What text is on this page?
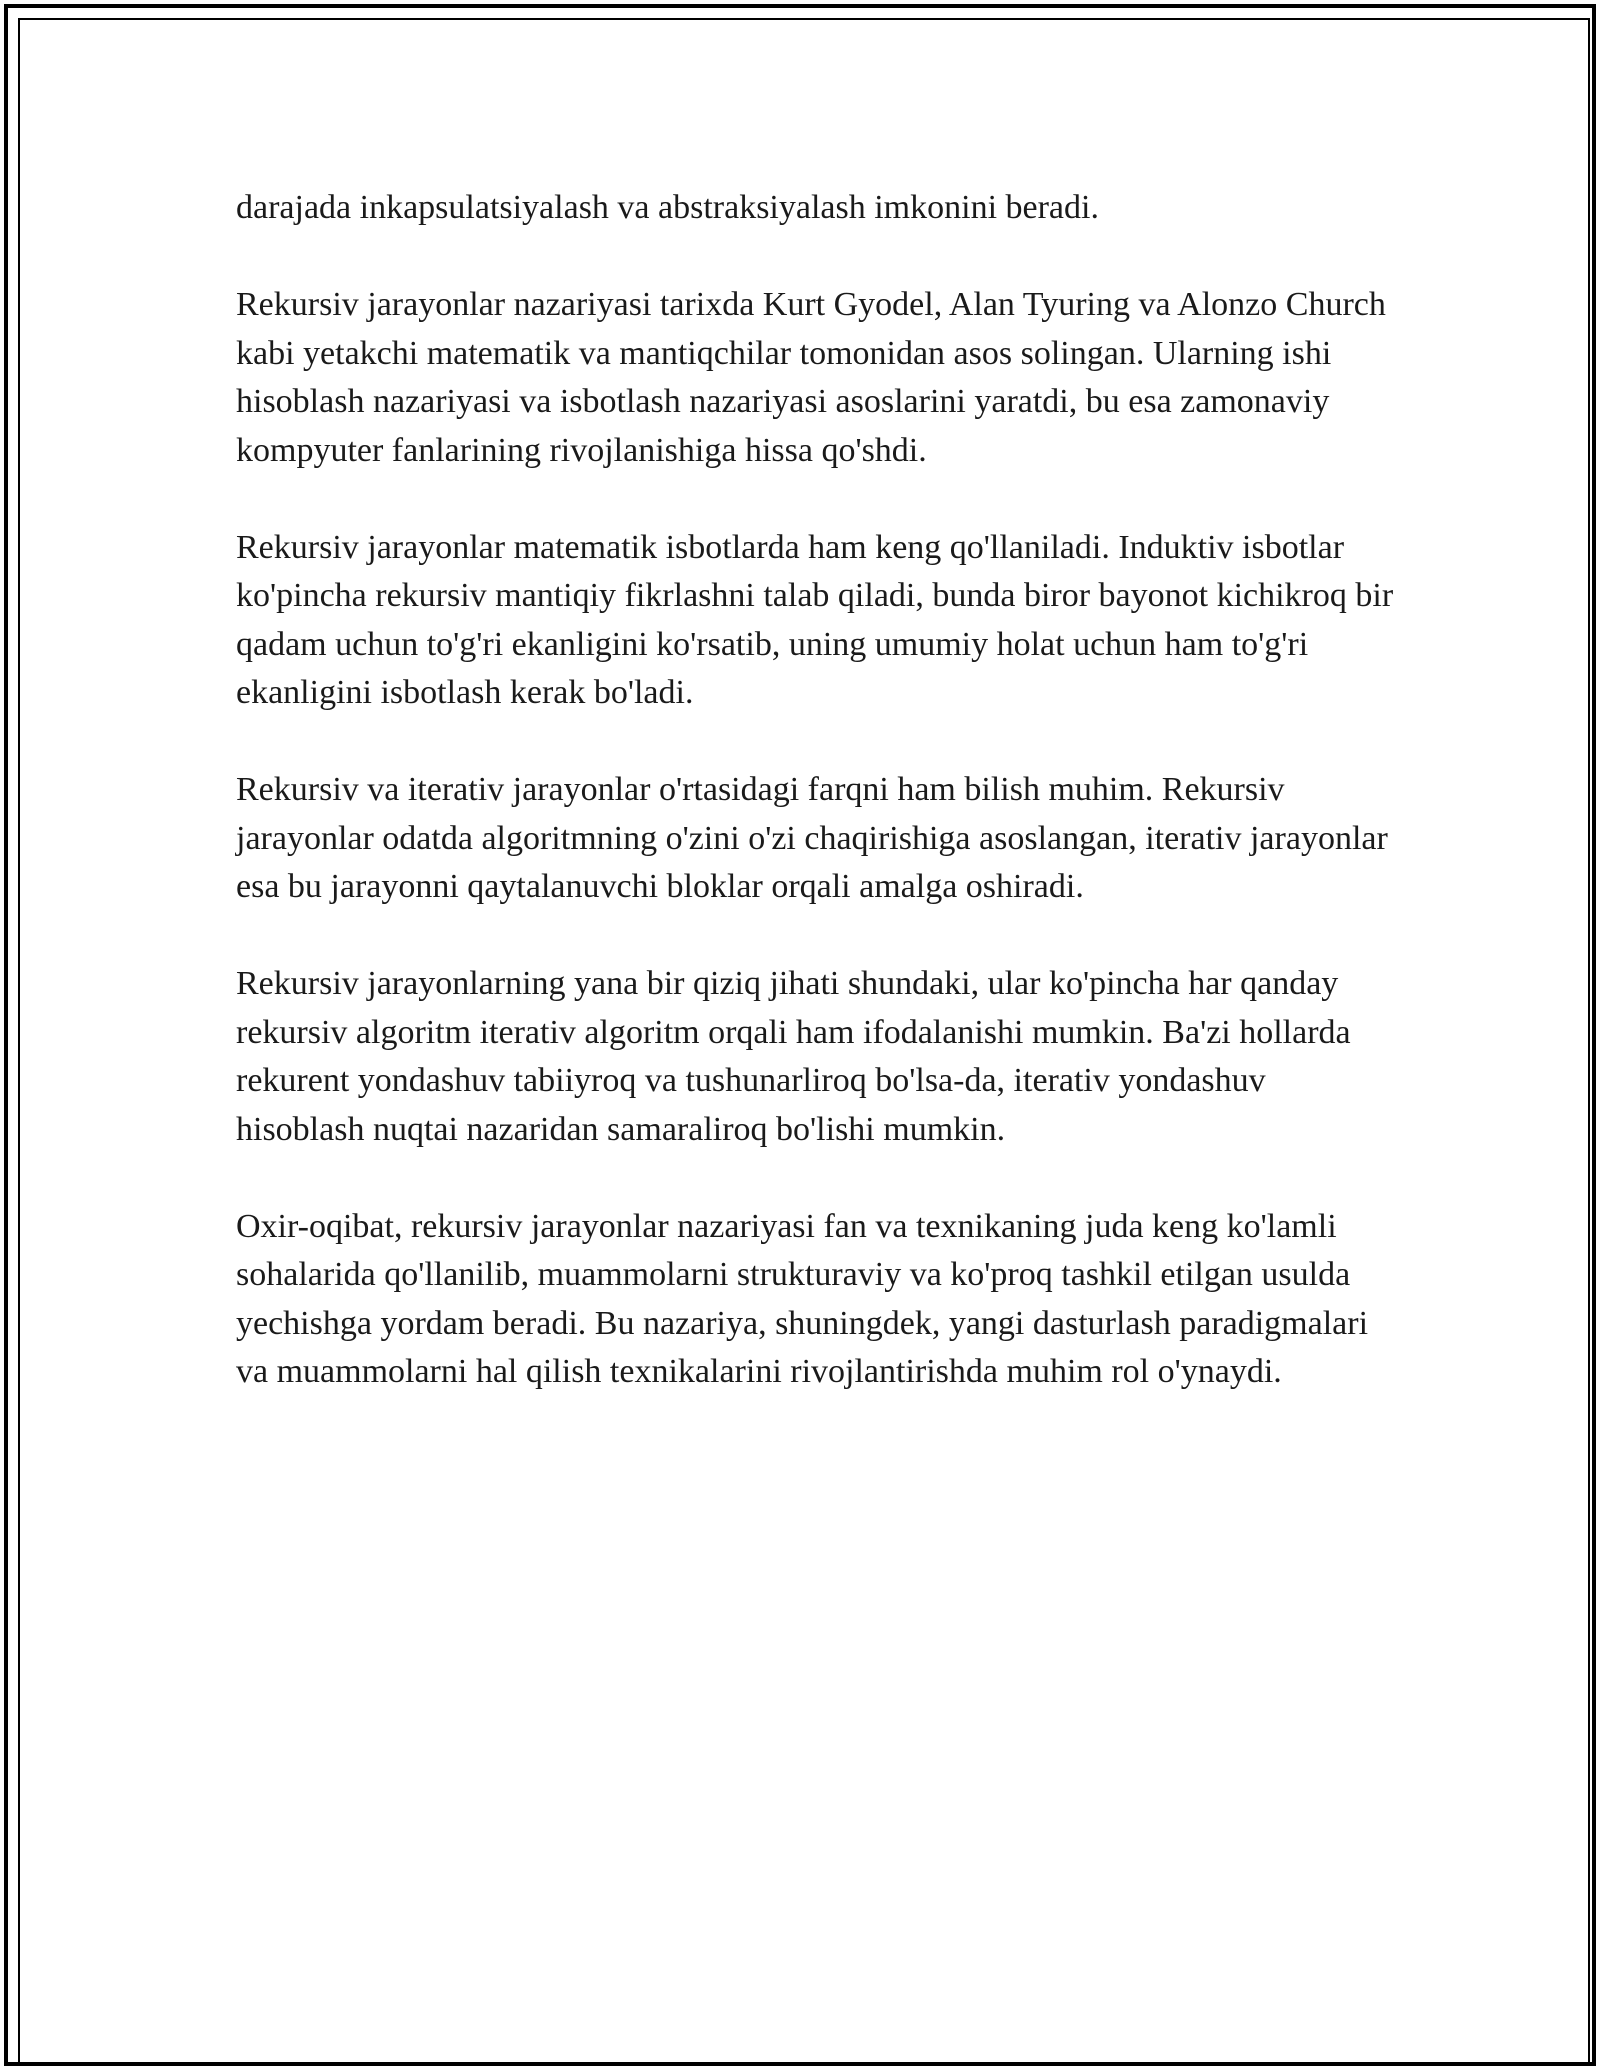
darajada inkapsulatsiyalash va abstraksiyalash imkonini beradi.

Rekursiv jarayonlar nazariyasi tarixda Kurt Gyodel, Alan Tyuring va Alonzo Church kabi yetakchi matematik va mantiqchilar tomonidan asos solingan. Ularning ishi hisoblash nazariyasi va isbotlash nazariyasi asoslarini yaratdi, bu esa zamonaviy kompyuter fanlarining rivojlanishiga hissa qo'shdi.

Rekursiv jarayonlar matematik isbotlarda ham keng qo'llaniladi. Induktiv isbotlar ko'pincha rekursiv mantiqiy fikrlashni talab qiladi, bunda biror bayonot kichikroq bir qadam uchun to'g'ri ekanligini ko'rsatib, uning umumiy holat uchun ham to'g'ri ekanligini isbotlash kerak bo'ladi.

Rekursiv va iterativ jarayonlar o'rtasidagi farqni ham bilish muhim. Rekursiv jarayonlar odatda algoritmning o'zini o'zi chaqirishiga asoslangan, iterativ jarayonlar esa bu jarayonni qaytalanuvchi bloklar orqali amalga oshiradi.

Rekursiv jarayonlarning yana bir qiziq jihati shundaki, ular ko'pincha har qanday rekursiv algoritm iterativ algoritm orqali ham ifodalanishi mumkin. Ba'zi hollarda rekurent yondashuv tabiiyroq va tushunarliroq bo'lsa-da, iterativ yondashuv hisoblash nuqtai nazaridan samaraliroq bo'lishi mumkin.

Oxir-oqibat, rekursiv jarayonlar nazariyasi fan va texnikaning juda keng ko'lamli sohalarida qo'llanilib, muammolarni strukturaviy va ko'proq tashkil etilgan usulda yechishga yordam beradi. Bu nazariya, shuningdek, yangi dasturlash paradigmalari va muammolarni hal qilish texnikalarini rivojlantirishda muhim rol o'ynaydi.
